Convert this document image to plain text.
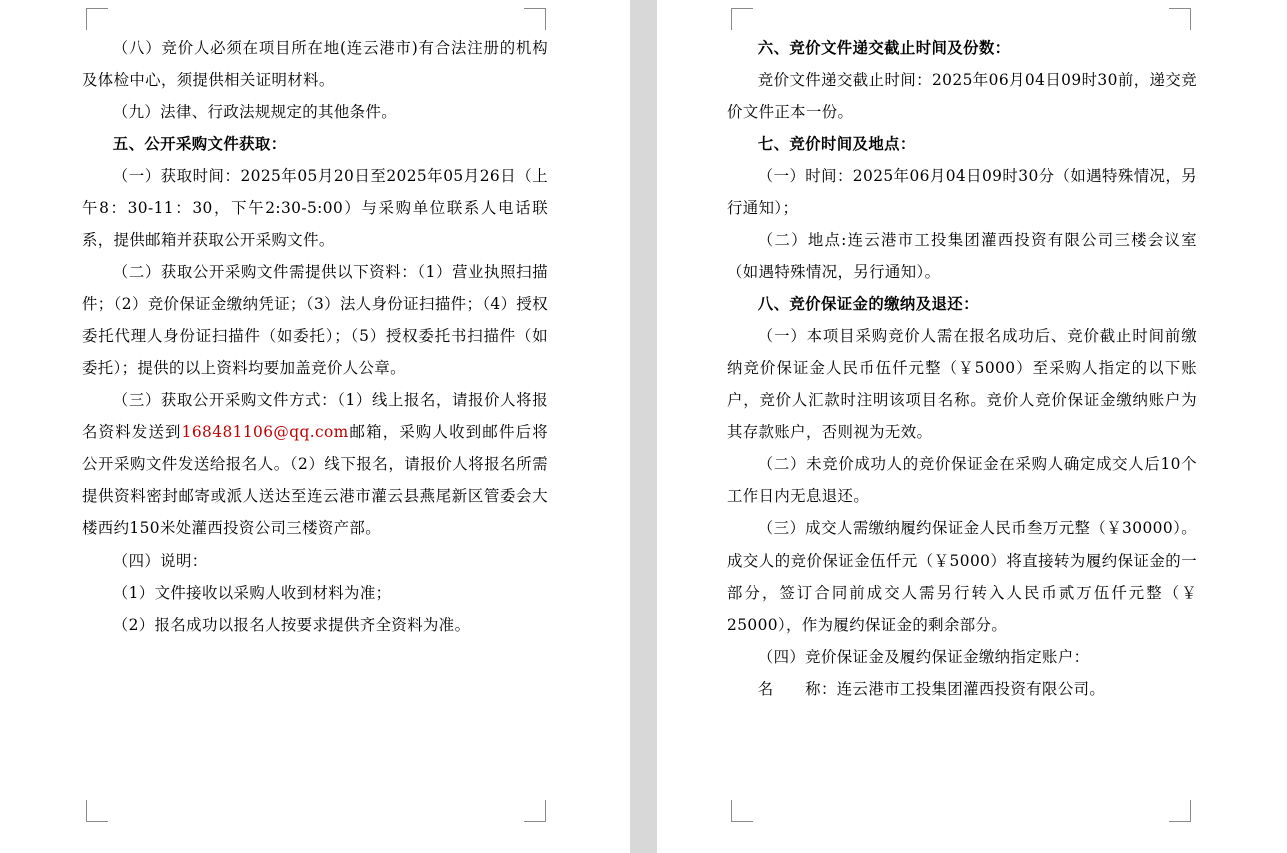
（八）竞价人必须在项目所在地(连云港市)有合法注册的机构及体检中心，须提供相关证明材料。

（九）法律、行政法规规定的其他条件。

五、公开采购文件获取：

（一）获取时间：2025年05月20日至2025年05月26日（上午8：30-11：30，下午2:30-5:00）与采购单位联系人电话联系，提供邮箱并获取公开采购文件。

（二）获取公开采购文件需提供以下资料：（1）营业执照扫描件；（2）竞价保证金缴纳凭证；（3）法人身份证扫描件；（4）授权委托代理人身份证扫描件（如委托）；（5）授权委托书扫描件（如委托）；提供的以上资料均要加盖竞价人公章。

（三）获取公开采购文件方式：（1）线上报名，请报价人将报名资料发送到168481106@qq.com邮箱，采购人收到邮件后将公开采购文件发送给报名人。（2）线下报名，请报价人将报名所需提供资料密封邮寄或派人送达至连云港市灌云县燕尾新区管委会大楼西约150米处灌西投资公司三楼资产部。

（四）说明：

（1）文件接收以采购人收到材料为准；

（2）报名成功以报名人按要求提供齐全资料为准。

六、竞价文件递交截止时间及份数：

竞价文件递交截止时间：2025年06月04日09时30前，递交竞价文件正本一份。

七、竞价时间及地点：

（一）时间：2025年06月04日09时30分（如遇特殊情况，另行通知）；

（二）地点:连云港市工投集团灌西投资有限公司三楼会议室（如遇特殊情况，另行通知）。

八、竞价保证金的缴纳及退还：

（一）本项目采购竞价人需在报名成功后、竞价截止时间前缴纳竞价保证金人民币伍仟元整（￥5000）至采购人指定的以下账户，竞价人汇款时注明该项目名称。竞价人竞价保证金缴纳账户为其存款账户，否则视为无效。

（二）未竞价成功人的竞价保证金在采购人确定成交人后10个工作日内无息退还。

（三）成交人需缴纳履约保证金人民币叁万元整（￥30000）。成交人的竞价保证金伍仟元（￥5000）将直接转为履约保证金的一部分，签订合同前成交人需另行转入人民币贰万伍仟元整（￥ 25000），作为履约保证金的剩余部分。

（四）竞价保证金及履约保证金缴纳指定账户：

名　　称：连云港市工投集团灌西投资有限公司。
